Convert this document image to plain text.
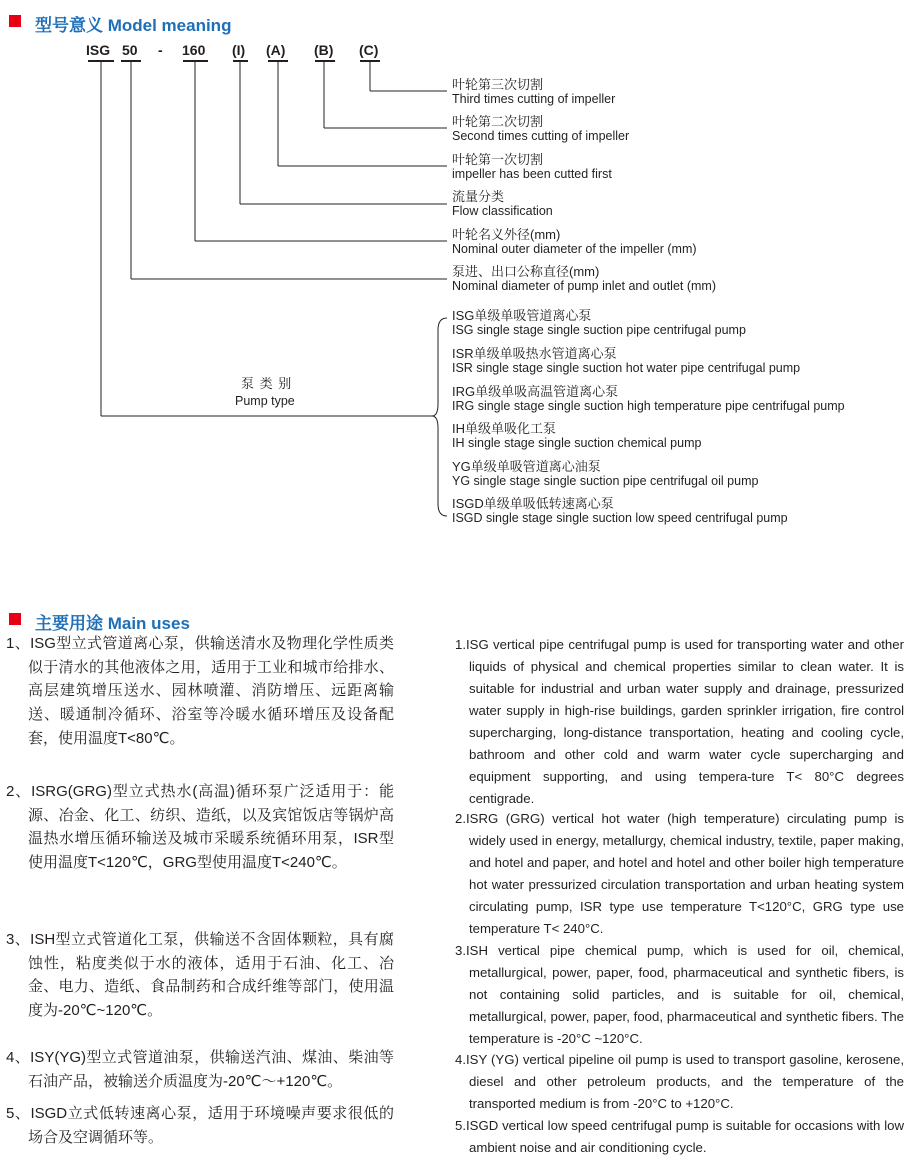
型号意义 Model meaning
ISG 50 - 160 (I) (A) (B) (C)
叶轮第三次切割
Third times cutting of impeller
叶轮第二次切割
Second times cutting of impeller
叶轮第一次切割
impeller has been cutted first
流量分类
Flow classification
叶轮名义外径(mm)
Nominal outer diameter of the impeller (mm)
泵进、出口公称直径(mm)
Nominal diameter of pump inlet and outlet (mm)
泵 类 别
Pump type
ISG单级单吸管道离心泵
ISG single stage single suction pipe centrifugal pump
ISR单级单吸热水管道离心泵
ISR single stage single suction hot water pipe centrifugal pump
IRG单级单吸高温管道离心泵
IRG single stage single suction high temperature pipe centrifugal pump
IH单级单吸化工泵
IH single stage single suction chemical pump
YG单级单吸管道离心油泵
YG single stage single suction pipe centrifugal oil pump
ISGD单级单吸低转速离心泵
ISGD single stage single suction low speed centrifugal pump
主要用途 Main uses
1、ISG型立式管道离心泵，供输送清水及物理化学性质类似于清水的其他液体之用，适用于工业和城市给排水、高层建筑增压送水、园林喷灌、消防增压、远距离输送、暖通制冷循环、浴室等冷暖水循环增压及设备配套，使用温度T<80℃。
2、ISRG(GRG)型立式热水(高温)循环泵广泛适用于：能源、冶金、化工、纺织、造纸，以及宾馆饭店等锅炉高温热水增压循环输送及城市采暖系统循环用泵，ISR型使用温度T<120℃，GRG型使用温度T<240℃。
3、ISH型立式管道化工泵，供输送不含固体颗粒，具有腐蚀性，粘度类似于水的液体，适用于石油、化工、冶金、电力、造纸、食品制药和合成纤维等部门，使用温度为-20℃~120℃。
4、ISY(YG)型立式管道油泵，供输送汽油、煤油、柴油等石油产品，被输送介质温度为-20℃～+120℃。
5、ISGD立式低转速离心泵，适用于环境噪声要求很低的场合及空调循环等。
1.ISG vertical pipe centrifugal pump is used for transporting water and other liquids of physical and chemical properties similar to clean water. It is suitable for industrial and urban water supply and drainage, pressurized water supply in high-rise buildings, garden sprinkler irrigation, fire control supercharging, long-distance transportation, heating and cooling cycle, bathroom and other cold and warm water cycle supercharging and equipment supporting, and using tempera-ture T< 80°C degrees centigrade.
2.ISRG (GRG) vertical hot water (high temperature) circulating pump is widely used in energy, metallurgy, chemical industry, textile, paper making, and hotel and paper, and hotel and hotel and other boiler high temperature hot water pressurized circulation transportation and urban heating system circulating pump, ISR type use temperature T<120°C, GRG type use temperature T< 240°C.
3.ISH vertical pipe chemical pump, which is used for oil, chemical, metallurgical, power, paper, food, pharmaceutical and synthetic fibers, is not containing solid particles, and is suitable for oil, chemical, metallurgical, power, paper, food, pharmaceutical and synthetic fibers. The temperature is -20°C ~120°C.
4.ISY (YG) vertical pipeline oil pump is used to transport gasoline, kerosene, diesel and other petroleum products, and the temperature of the transported medium is from -20°C to +120°C.
5.ISGD vertical low speed centrifugal pump is suitable for occasions with low ambient noise and air conditioning cycle.
